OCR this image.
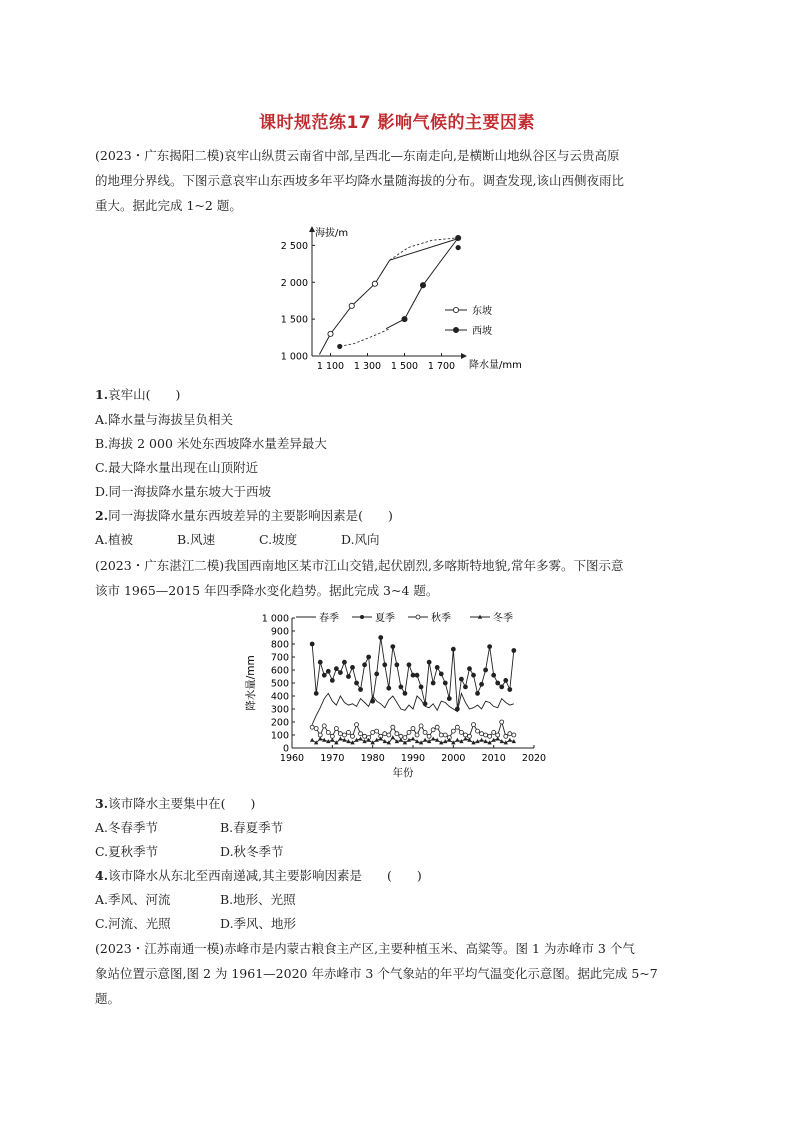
课时规范练17 影响气候的主要因素
(2023・广东揭阳二模)哀牢山纵贯云南省中部,呈西北—东南走向,是横断山地纵谷区与云贵高原
的地理分界线。下图示意哀牢山东西坡多年平均降水量随海拔的分布。调查发现,该山西侧夜雨比
重大。据此完成 1~2 题。
海拔/m
降水量/mm
1 000
1 500
2 000
2 500
1 100 1 300 1 500 1 700
东坡
西坡
1.哀牢山(　　)
A.降水量与海拔呈负相关
B.海拔 2 000 米处东西坡降水量差异最大
C.最大降水量出现在山顶附近
D.同一海拔降水量东坡大于西坡
2.同一海拔降水量东西坡差异的主要影响因素是(　　)
A.植被	B.风速	C.坡度	D.风向
(2023・广东湛江二模)我国西南地区某市江山交错,起伏剧烈,多喀斯特地貌,常年多雾。下图示意
该市 1965—2015 年四季降水变化趋势。据此完成 3~4 题。
0
100
200
300
400
500
600
700
800
900
1 000
1960 1970 1980 1990 2000 2010 2020
年份
降水量/mm
春季	夏季	秋季	冬季
3.该市降水主要集中在(　　)
A.冬春季节	B.春夏季节
C.夏秋季节	D.秋冬季节
4.该市降水从东北至西南递减,其主要影响因素是　　(　　)
A.季风、河流	B.地形、光照
C.河流、光照	D.季风、地形
(2023・江苏南通一模)赤峰市是内蒙古粮食主产区,主要种植玉米、高粱等。图 1 为赤峰市 3 个气
象站位置示意图,图 2 为 1961—2020 年赤峰市 3 个气象站的年平均气温变化示意图。据此完成 5~7
题。
